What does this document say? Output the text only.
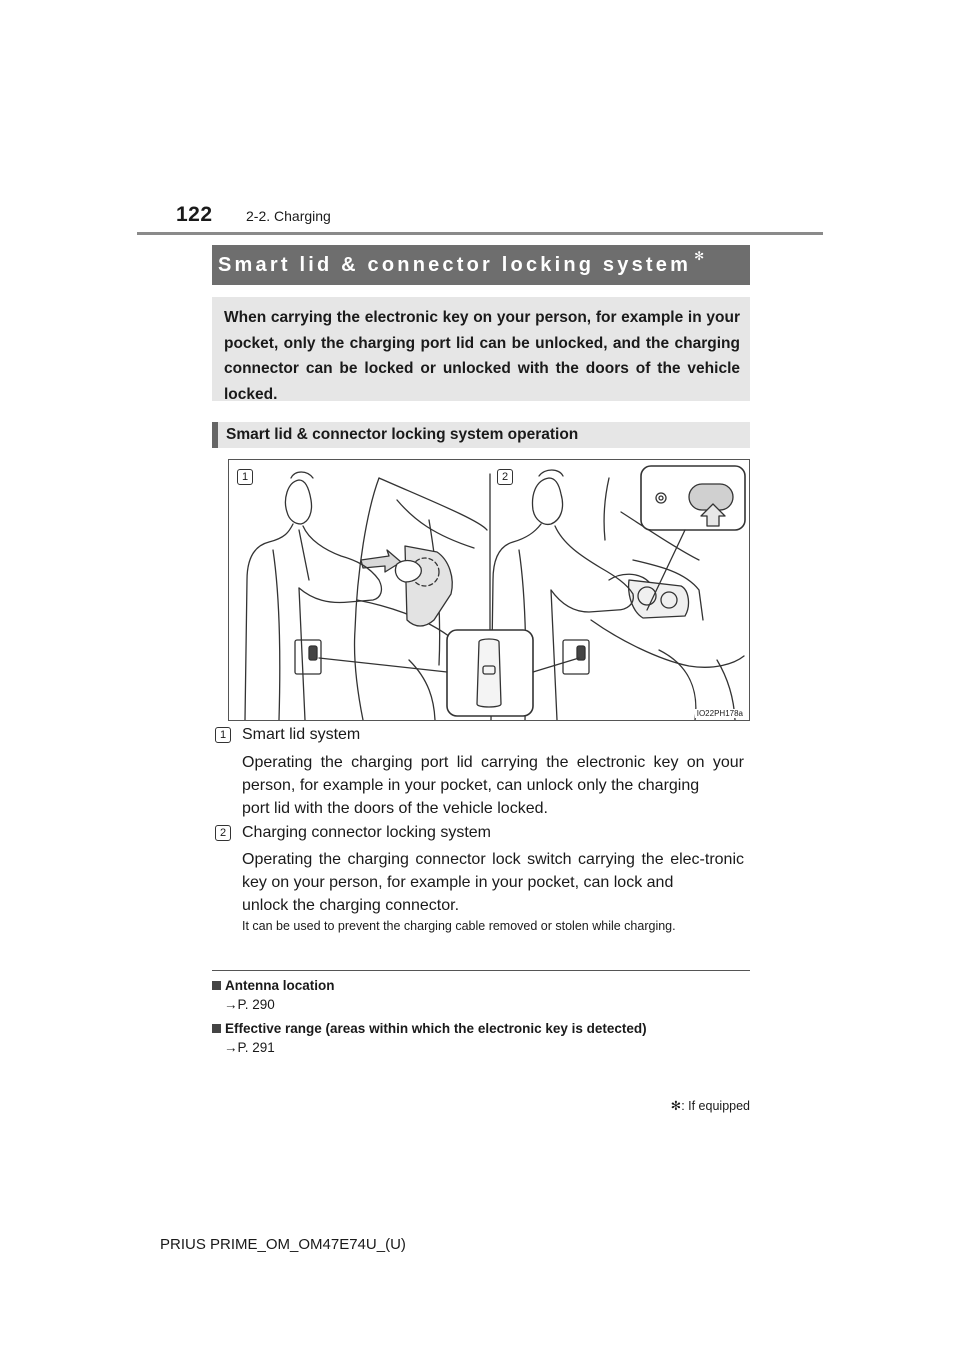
122 2-2. Charging
Smart lid & connector locking system ✻
When carrying the electronic key on your person, for example in your pocket, only the charging port lid can be unlocked, and the charging connector can be locked or unlocked with the doors of the vehicle locked.
Smart lid & connector locking system operation
1	2
IO22PH178a
1 Smart lid system
Operating the charging port lid carrying the electronic key on your person, for example in your pocket, can unlock only the charging
port lid with the doors of the vehicle locked.
2 Charging connector locking system
Operating the charging connector lock switch carrying the elec-tronic key on your person, for example in your pocket, can lock and
unlock the charging connector.
It can be used to prevent the charging cable removed or stolen while charging.
Antenna location
→P. 290
Effective range (areas within which the electronic key is detected)
→P. 291
✻: If equipped
PRIUS PRIME_OM_OM47E74U_(U)
